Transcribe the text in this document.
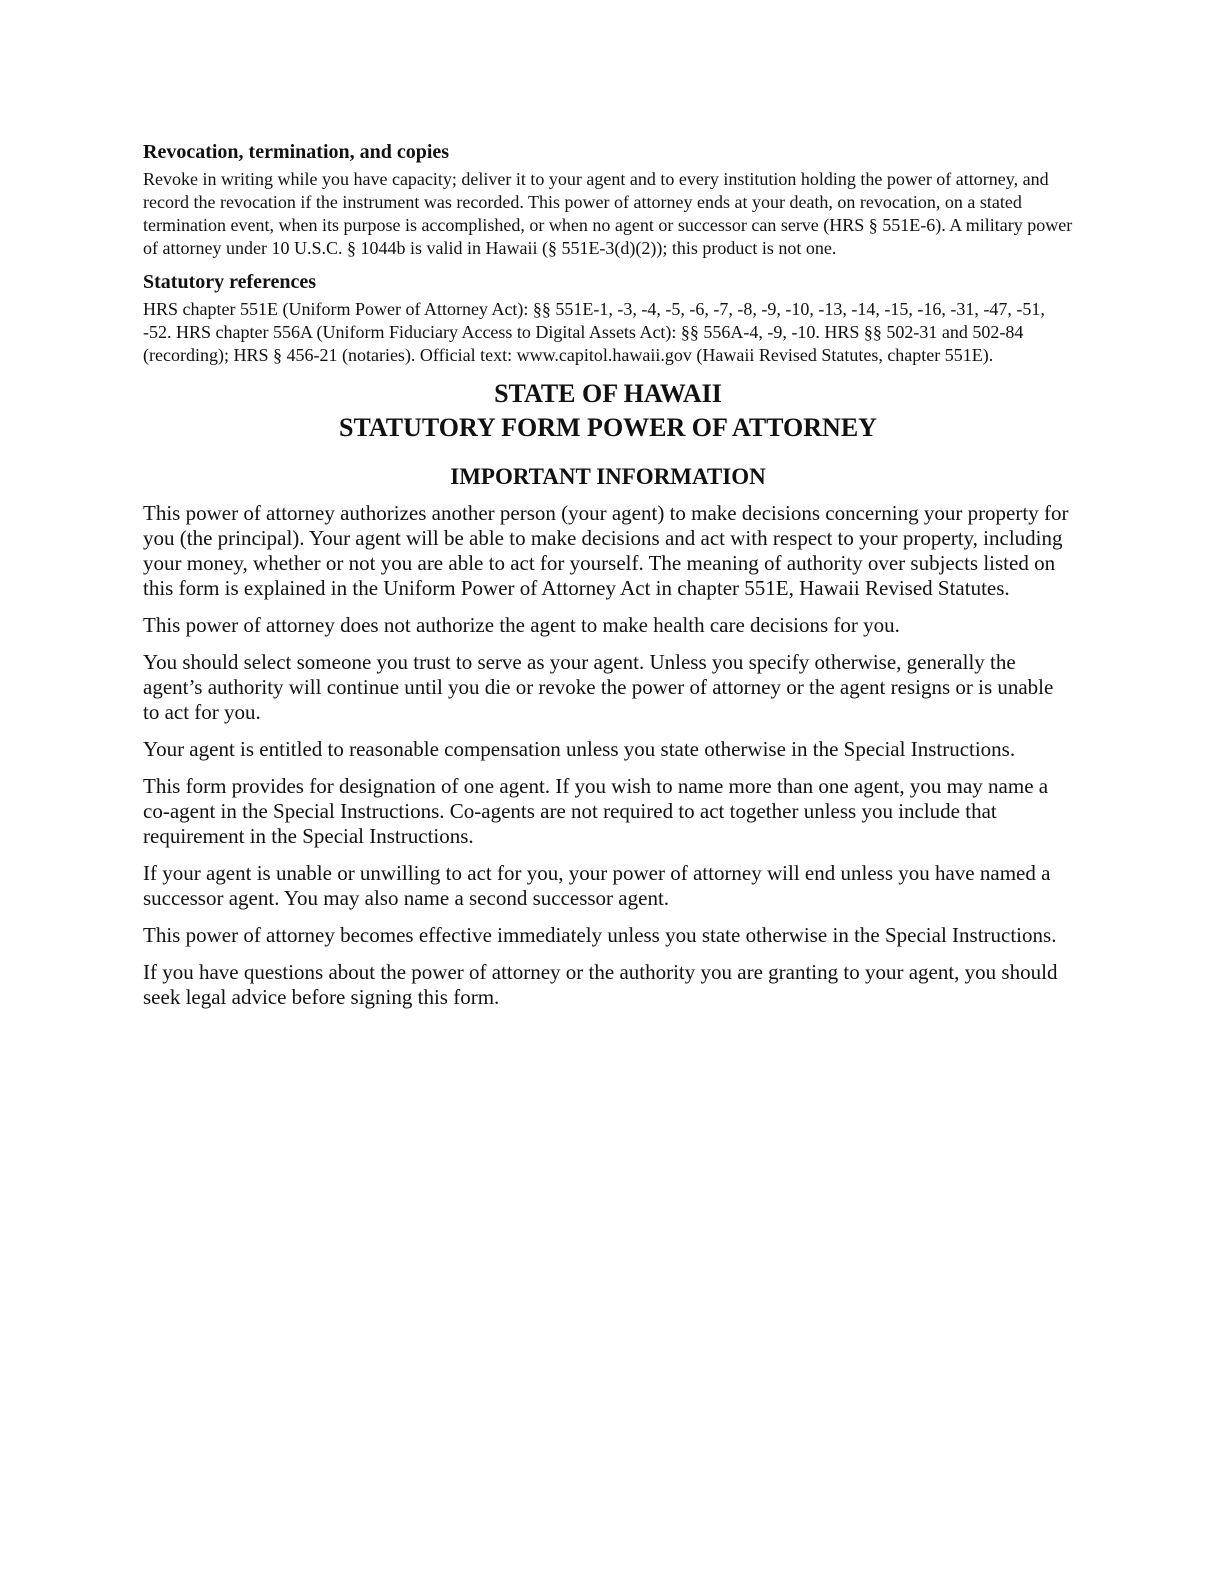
Revocation, termination, and copies

Revoke in writing while you have capacity; deliver it to your agent and to every institution holding the power of attorney, and record the revocation if the instrument was recorded. This power of attorney ends at your death, on revocation, on a stated termination event, when its purpose is accomplished, or when no agent or successor can serve (HRS § 551E-6). A military power of attorney under 10 U.S.C. § 1044b is valid in Hawaii (§ 551E-3(d)(2)); this product is not one.

Statutory references

HRS chapter 551E (Uniform Power of Attorney Act): §§ 551E-1, -3, -4, -5, -6, -7, -8, -9, -10, -13, -14, -15, -16, -31, -47, -51, -52. HRS chapter 556A (Uniform Fiduciary Access to Digital Assets Act): §§ 556A-4, -9, -10. HRS §§ 502-31 and 502-84 (recording); HRS § 456-21 (notaries). Official text: www.capitol.hawaii.gov (Hawaii Revised Statutes, chapter 551E).

STATE OF HAWAII
STATUTORY FORM POWER OF ATTORNEY
IMPORTANT INFORMATION

This power of attorney authorizes another person (your agent) to make decisions concerning your property for you (the principal). Your agent will be able to make decisions and act with respect to your property, including your money, whether or not you are able to act for yourself. The meaning of authority over subjects listed on this form is explained in the Uniform Power of Attorney Act in chapter 551E, Hawaii Revised Statutes.

This power of attorney does not authorize the agent to make health care decisions for you.

You should select someone you trust to serve as your agent. Unless you specify otherwise, generally the agent’s authority will continue until you die or revoke the power of attorney or the agent resigns or is unable to act for you.

Your agent is entitled to reasonable compensation unless you state otherwise in the Special Instructions.

This form provides for designation of one agent. If you wish to name more than one agent, you may name a co-agent in the Special Instructions. Co-agents are not required to act together unless you include that requirement in the Special Instructions.

If your agent is unable or unwilling to act for you, your power of attorney will end unless you have named a successor agent. You may also name a second successor agent.

This power of attorney becomes effective immediately unless you state otherwise in the Special Instructions.

If you have questions about the power of attorney or the authority you are granting to your agent, you should seek legal advice before signing this form.
